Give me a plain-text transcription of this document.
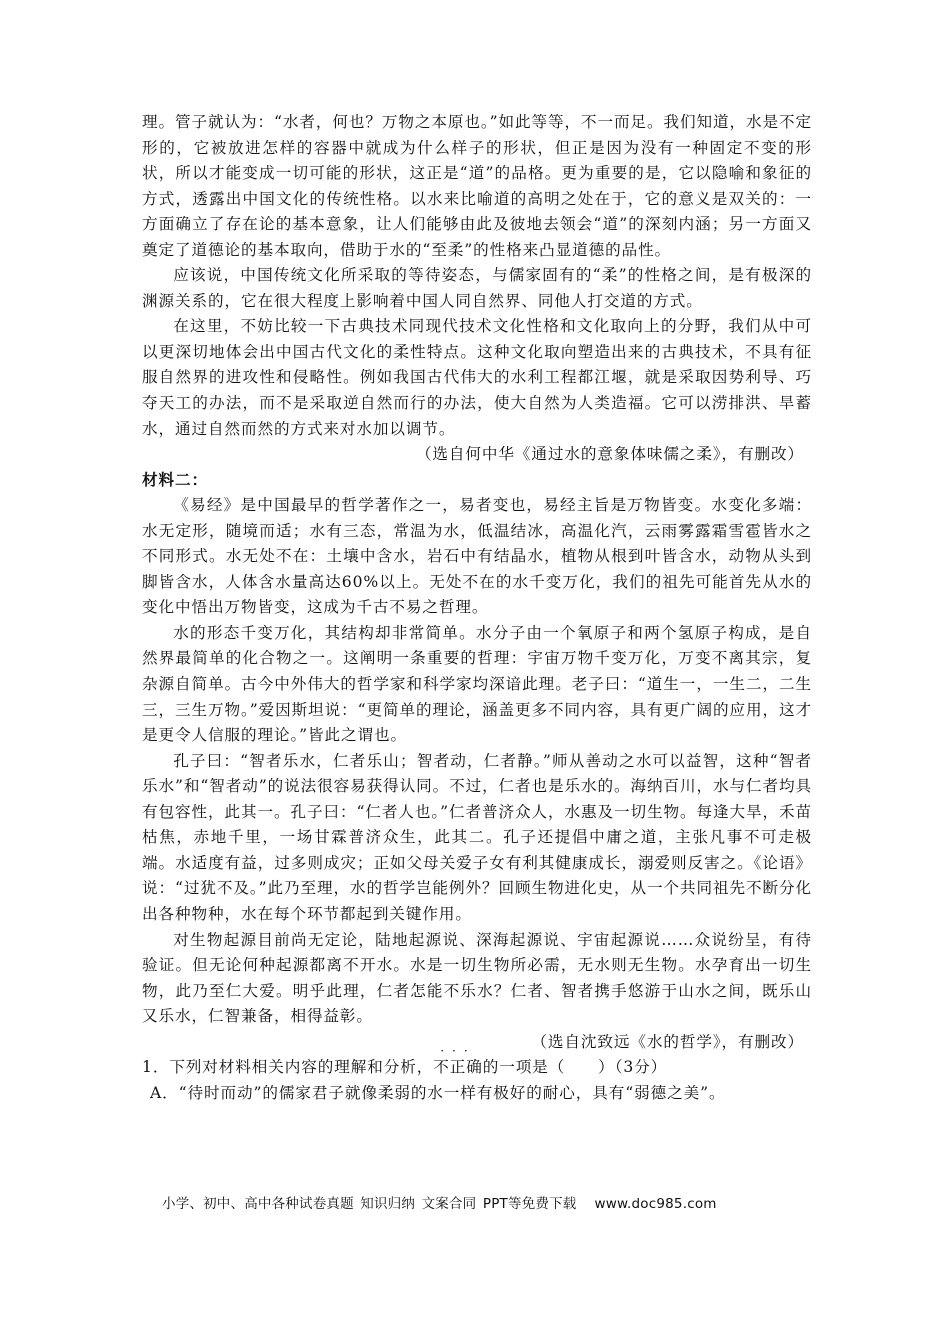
理。管子就认为：“水者，何也？万物之本原也。”如此等等，不一而足。我们知道，水是不定形的，它被放进怎样的容器中就成为什么样子的形状，但正是因为没有一种固定不变的形状，所以才能变成一切可能的形状，这正是“道”的品格。更为重要的是，它以隐喻和象征的方式，透露出中国文化的传统性格。以水来比喻道的高明之处在于，它的意义是双关的：一方面确立了存在论的基本意象，让人们能够由此及彼地去领会“道”的深刻内涵；另一方面又奠定了道德论的基本取向，借助于水的“至柔”的性格来凸显道德的品性。

应该说，中国传统文化所采取的等待姿态，与儒家固有的“柔”的性格之间，是有极深的渊源关系的，它在很大程度上影响着中国人同自然界、同他人打交道的方式。

在这里，不妨比较一下古典技术同现代技术文化性格和文化取向上的分野，我们从中可以更深切地体会出中国古代文化的柔性特点。这种文化取向塑造出来的古典技术，不具有征服自然界的进攻性和侵略性。例如我国古代伟大的水利工程都江堰，就是采取因势利导、巧夺天工的办法，而不是采取逆自然而行的办法，使大自然为人类造福。它可以涝排洪、旱蓄水，通过自然而然的方式来对水加以调节。

（选自何中华《通过水的意象体味儒之柔》，有删改）

材料二：

《易经》是中国最早的哲学著作之一，易者变也，易经主旨是万物皆变。水变化多端：水无定形，随境而适；水有三态，常温为水，低温结冰，高温化汽，云雨雾露霜雪雹皆水之不同形式。水无处不在：土壤中含水，岩石中有结晶水，植物从根到叶皆含水，动物从头到脚皆含水，人体含水量高达60%以上。无处不在的水千变万化，我们的祖先可能首先从水的变化中悟出万物皆变，这成为千古不易之哲理。

水的形态千变万化，其结构却非常简单。水分子由一个氧原子和两个氢原子构成，是自然界最简单的化合物之一。这阐明一条重要的哲理：宇宙万物千变万化，万变不离其宗，复杂源自简单。古今中外伟大的哲学家和科学家均深谙此理。老子曰：“道生一，一生二，二生三，三生万物。”爱因斯坦说：“更简单的理论，涵盖更多不同内容，具有更广阔的应用，这才是更令人信服的理论。”皆此之谓也。

孔子曰：“智者乐水，仁者乐山；智者动，仁者静。”师从善动之水可以益智，这种“智者乐水”和“智者动”的说法很容易获得认同。不过，仁者也是乐水的。海纳百川，水与仁者均具有包容性，此其一。孔子曰：“仁者人也。”仁者普济众人，水惠及一切生物。每逢大旱，禾苗枯焦，赤地千里，一场甘霖普济众生，此其二。孔子还提倡中庸之道，主张凡事不可走极端。水适度有益，过多则成灾；正如父母关爱子女有利其健康成长，溺爱则反害之。《论语》说：“过犹不及。”此乃至理，水的哲学岂能例外？回顾生物进化史，从一个共同祖先不断分化出各种物种，水在每个环节都起到关键作用。

对生物起源目前尚无定论，陆地起源说、深海起源说、宇宙起源说……众说纷呈，有待验证。但无论何种起源都离不开水。水是一切生物所必需，无水则无生物。水孕育出一切生物，此乃至仁大爱。明乎此理，仁者怎能不乐水？仁者、智者携手悠游于山水之间，既乐山又乐水，仁智兼备，相得益彰。

（选自沈致远《水的哲学》，有删改）

1．下列对材料相关内容的理解和分析，
···
不正确的一项是（　　）（3分）

A．“待时而动”的儒家君子就像柔弱的水一样有极好的耐心，具有“弱德之美”。

小学、初中、高中各种试卷真题 知识归纳 文案合同 PPT等免费下载 www.doc985.com
